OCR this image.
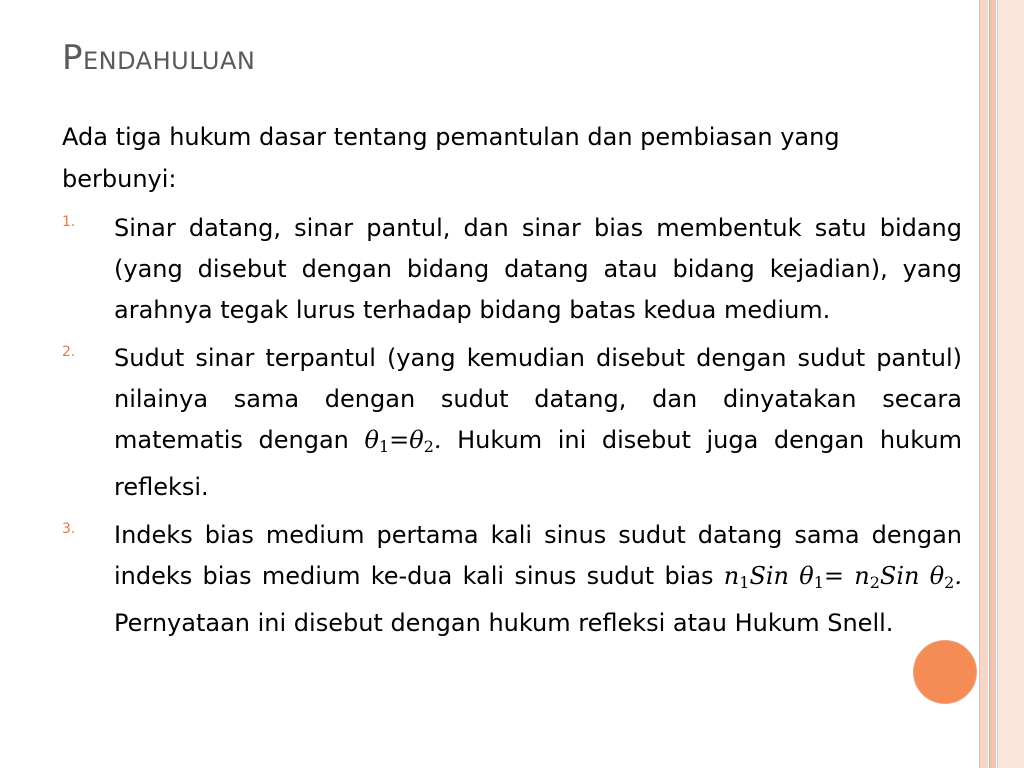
Pendahuluan
Ada tiga hukum dasar tentang pemantulan dan pembiasan yang berbunyi:
1. Sinar datang, sinar pantul, dan sinar bias membentuk satu bidang (yang disebut dengan bidang datang atau bidang kejadian), yang arahnya tegak lurus terhadap bidang batas kedua medium.
2. Sudut sinar terpantul (yang kemudian disebut dengan sudut pantul) nilainya sama dengan sudut datang, dan dinyatakan secara matematis dengan $\theta_1=\theta_2$. Hukum ini disebut juga dengan hukum refleksi.
3. Indeks bias medium pertama kali sinus sudut datang sama dengan indeks bias medium ke-dua kali sinus sudut bias $n_1Sin$ $\theta_1= n_2Sin$ $\theta_2$. Pernyataan ini disebut dengan hukum refleksi atau Hukum Snell.
